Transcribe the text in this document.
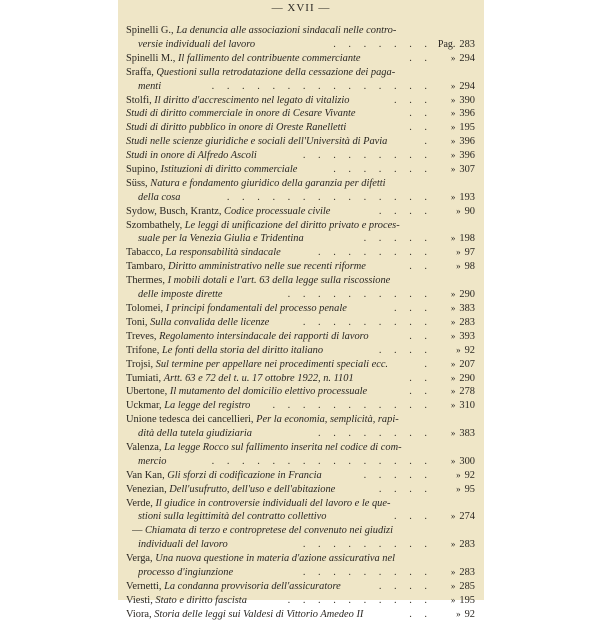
— XVII —
Spinelli G., La denuncia alle associazioni sindacali nelle contro-
versie individuali del lavoro	. . . . . . . Pag. 283
Spinelli M., Il fallimento del contribuente commerciante	. .	» 294
Sraffa, Questioni sulla retrodatazione della cessazione dei paga-
menti	. . . . . . . . . . . . . . .	» 294
Stolfi, Il diritto d'accrescimento nel legato di vitalizio	. . .	» 390
Studi di diritto commerciale in onore di Cesare Vivante	. .	» 396
Studi di diritto pubblico in onore di Oreste Ranelletti	. .	» 195
Studi nelle scienze giuridiche e sociali dell'Università di Pavia	.	» 396
Studi in onore di Alfredo Ascoli	. . . . . . . . .	» 396
Supino, Istituzioni di diritto commerciale	. . . . . . .	» 307
Süss, Natura e fondamento giuridico della garanzia per difetti
della cosa	. . . . . . . . . . . . . .	» 193
Sydow, Busch, Krantz, Codice processuale civile	. . . .	» 90
Szombathely, Le leggi di unificazione del diritto privato e proces-
suale per la Venezia Giulia e Tridentina	. . . . .	» 198
Tabacco, La responsabilità sindacale	. . . . . . . .	» 97
Tambaro, Diritto amministrativo nelle sue recenti riforme	. .	» 98
Thermes, I mobili dotali e l'art. 63 della legge sulla riscossione
delle imposte dirette	. . . . . . . . . .	» 290
Tolomei, I principi fondamentali del processo penale	. . .	» 383
Toni, Sulla convalida delle licenze	. . . . . . . . .	» 283
Treves, Regolamento intersindacale dei rapporti di lavoro	. .	» 393
Trifone, Le fonti della storia del diritto italiano	. . . .	» 92
Trojsi, Sul termine per appellare nei procedimenti speciali ecc.	.	» 207
Tumiati, Artt. 63 e 72 del t. u. 17 ottobre 1922, n. 1101	. .	» 290
Ubertone, Il mutamento del domicilio elettivo processuale	. .	» 278
Uckmar, La legge del registro . . . . . . . . . . .	» 310
Unione tedesca dei cancellieri, Per la economia, semplicità, rapi-
dità della tutela giudiziaria	. . . . . . . .	» 383
Valenza, La legge Rocco sul fallimento inserita nel codice di com-
mercio	. . . . . . . . . . . . . . .	» 300
Van Kan, Gli sforzi di codificazione in Francia	. . . . .	» 92
Venezian, Dell'usufrutto, dell'uso e dell'abitazione	. . . .	» 95
Verde, Il giudice in controversie individuali del lavoro e le que-
stioni sulla legittimità del contratto collettivo	. . .	» 274
— Chiamata di terzo e contropretese del convenuto nei giudizi
individuali del lavoro	. . . . . . . . .	» 283
Verga, Una nuova questione in materia d'azione assicurativa nel
processo d'ingiunzione	. . . . . . . . .	» 283
Vernetti, La condanna provvisoria dell'assicuratore	. . . .	» 285
Viesti, Stato e diritto fascista	. . . . . . . . . .	» 195
Viora, Storia delle leggi sui Valdesi di Vittorio Amedeo II	. .	» 92
